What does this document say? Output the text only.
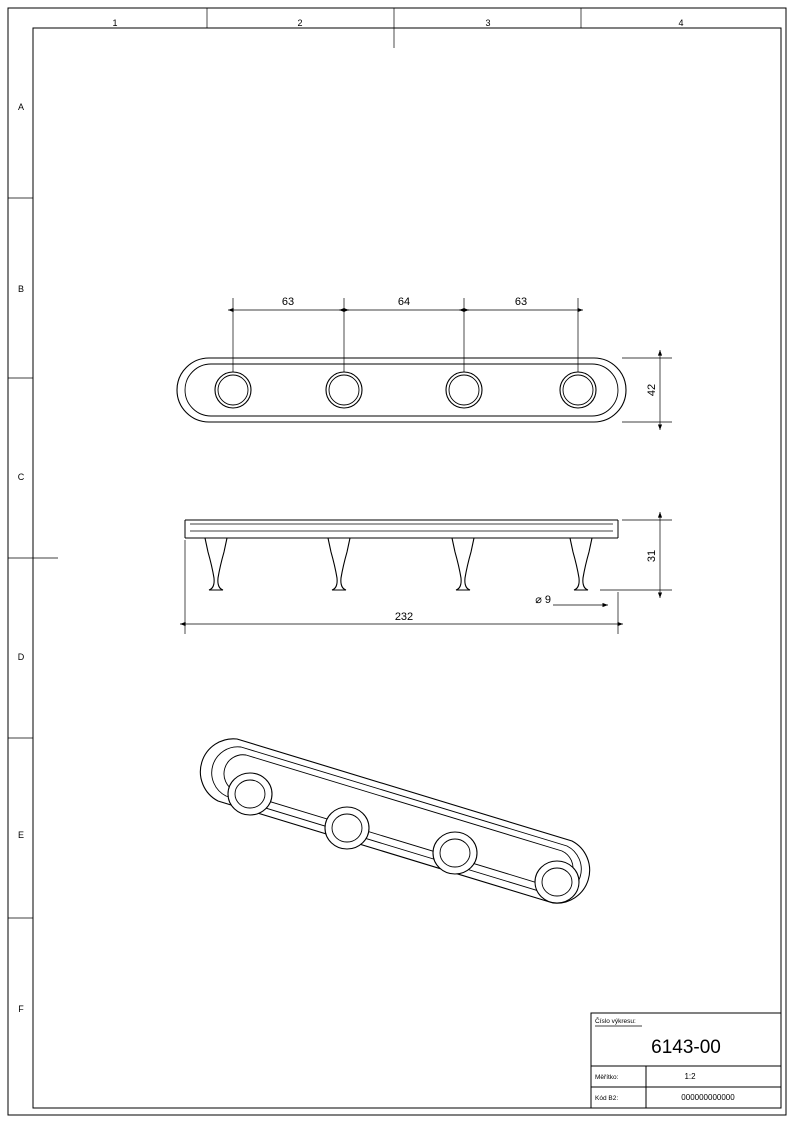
63	64	63
42
31
⌀ 9
232
1	2	3	4
A
B
C
D
E
F
Číslo výkresu:
6143-00
Měřítko:	1:2
Kód B2:	000000000000
